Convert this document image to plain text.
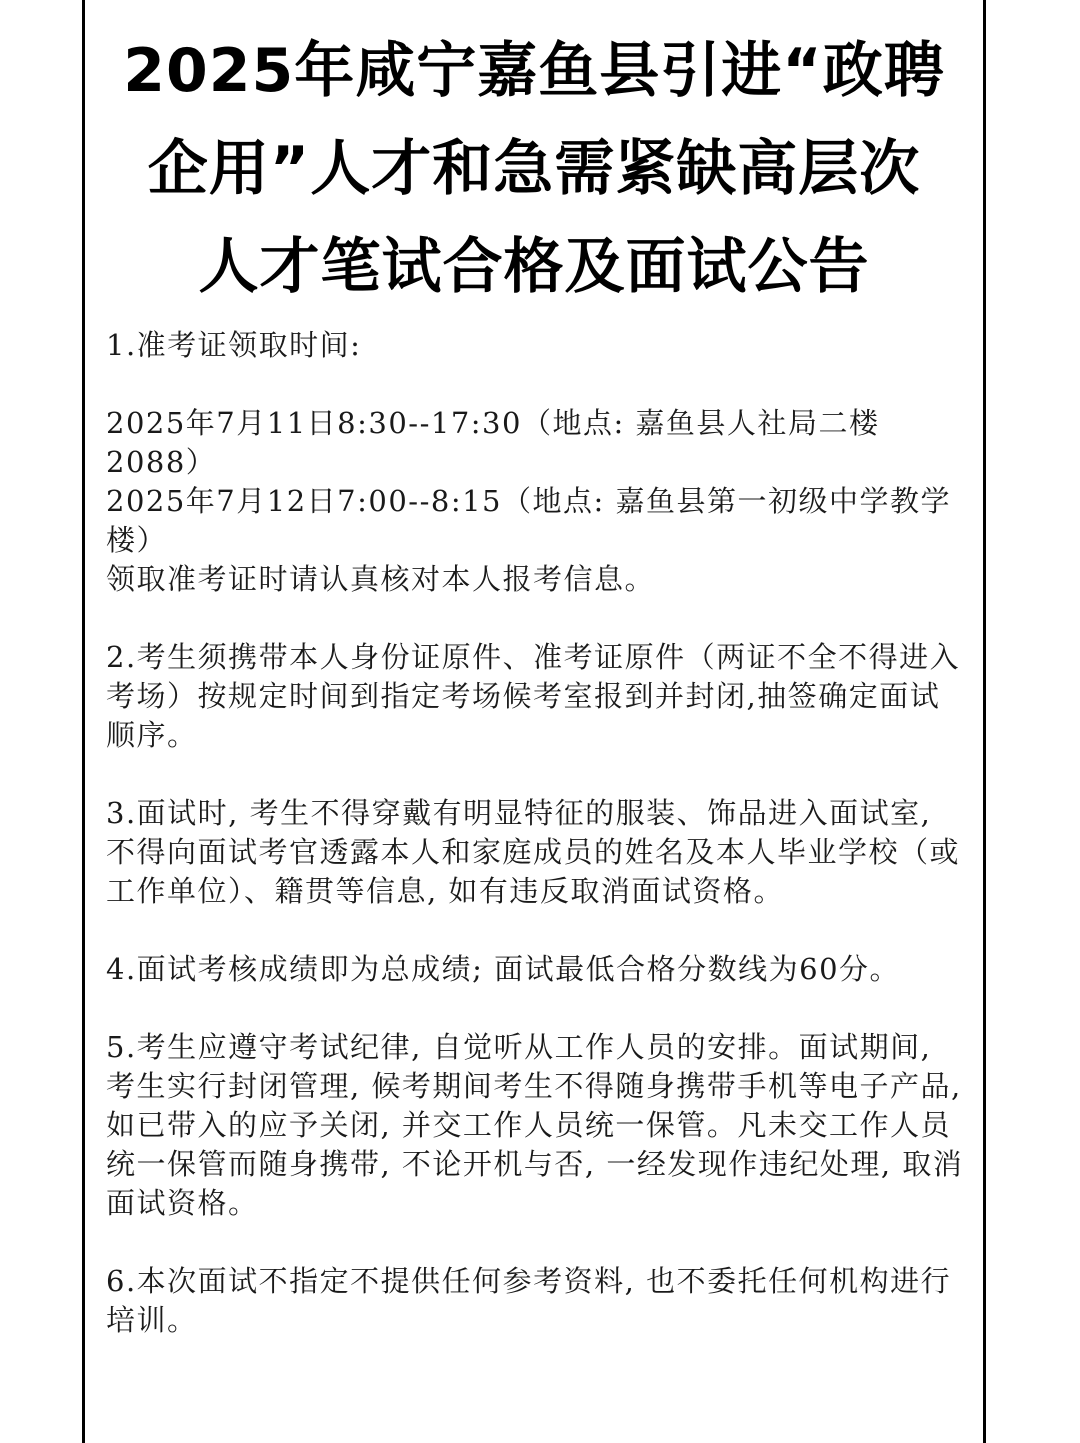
2025年咸宁嘉鱼县引进“政聘
企用”人才和急需紧缺高层次
人才笔试合格及面试公告

1.准考证领取时间:

2025年7月11日8:30--17:30（地点: 嘉鱼县人社局二楼2088）

2025年7月12日7:00--8:15（地点: 嘉鱼县第一初级中学教学楼）

领取准考证时请认真核对本人报考信息。

2.考生须携带本人身份证原件、准考证原件（两证不全不得进入考场）按规定时间到指定考场候考室报到并封闭,抽签确定面试顺序。

3.面试时, 考生不得穿戴有明显特征的服装、饰品进入面试室, 不得向面试考官透露本人和家庭成员的姓名及本人毕业学校（或工作单位）、籍贯等信息, 如有违反取消面试资格。

4.面试考核成绩即为总成绩; 面试最低合格分数线为60分。

5.考生应遵守考试纪律, 自觉听从工作人员的安排。面试期间, 考生实行封闭管理, 候考期间考生不得随身携带手机等电子产品, 如已带入的应予关闭, 并交工作人员统一保管。凡未交工作人员统一保管而随身携带, 不论开机与否, 一经发现作违纪处理, 取消面试资格。

6.本次面试不指定不提供任何参考资料, 也不委托任何机构进行培训。
